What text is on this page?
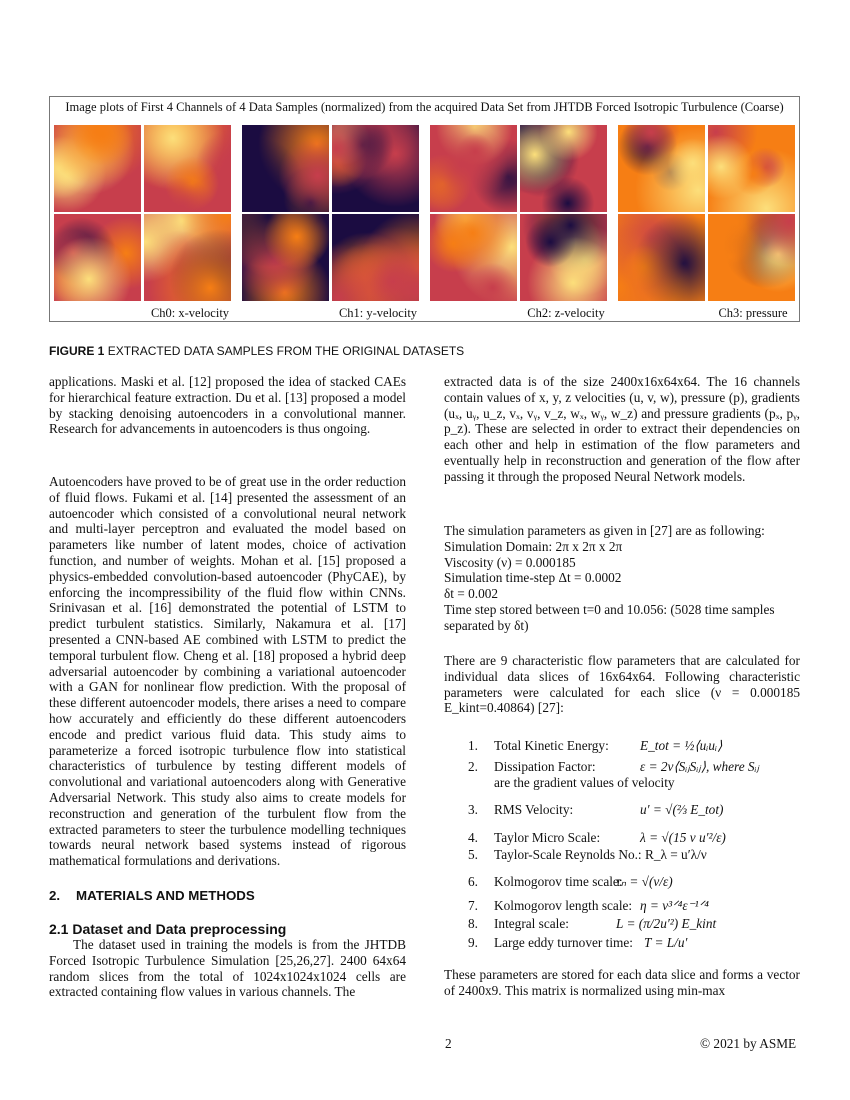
Image plots of First 4 Channels of 4 Data Samples (normalized) from the acquired Data Set from JHTDB Forced Isotropic Turbulence (Coarse)
Ch0: x-velocity	Ch1: y-velocity	Ch2: z-velocity	Ch3: pressure
FIGURE 1 EXTRACTED DATA SAMPLES FROM THE ORIGINAL DATASETS

applications. Maski et al. [12] proposed the idea of stacked CAEs for hierarchical feature extraction. Du et al. [13] proposed a model by stacking denoising autoencoders in a convolutional manner. Research for advancements in autoencoders is thus ongoing.

Autoencoders have proved to be of great use in the order reduction of fluid flows. Fukami et al. [14] presented the assessment of an autoencoder which consisted of a convolutional neural network and multi-layer perceptron and evaluated the model based on parameters like number of latent modes, choice of activation function, and number of weights. Mohan et al. [15] proposed a physics-embedded convolution-based autoencoder (PhyCAE), by enforcing the incompressibility of the fluid flow within CNNs. Srinivasan et al. [16] demonstrated the potential of LSTM to predict turbulent statistics. Similarly, Nakamura et al. [17] presented a CNN-based AE combined with LSTM to predict the temporal turbulent flow. Cheng et al. [18] proposed a hybrid deep adversarial autoencoder by combining a variational autoencoder with a GAN for nonlinear flow prediction. With the proposal of these different autoencoder models, there arises a need to compare how accurately and efficiently do these different autoencoders encode and predict various fluid data. This study aims to parameterize a forced isotropic turbulence flow into statistical characteristics of turbulence by testing different models of convolutional and variational autoencoders along with Generative Adversarial Network. This study also aims to create models for reconstruction and generation of the turbulent flow from the extracted parameters to steer the turbulence modelling techniques towards neural network based systems instead of rigorous mathematical formulations and derivations.

2. MATERIALS AND METHODS
2.1 Dataset and Data preprocessing

The dataset used in training the models is from the JHTDB Forced Isotropic Turbulence Simulation [25,26,27]. 2400 64x64 random slices from the total of 1024x1024x1024 cells are extracted containing flow values in various channels. The

extracted data is of the size 2400x16x64x64. The 16 channels contain values of x, y, z velocities (u, v, w), pressure (p), gradients (uₓ, uᵧ, u_z, vₓ, vᵧ, v_z, wₓ, wᵧ, w_z) and pressure gradients (pₓ, pᵧ, p_z). These are selected in order to extract their dependencies on each other and help in estimation of the flow parameters and eventually help in reconstruction and generation of the flow after passing it through the proposed Neural Network models.

The simulation parameters as given in [27] are as following:

Simulation Domain: 2π x 2π x 2π

Viscosity (ν) = 0.000185

Simulation time-step Δt = 0.0002

δt = 0.002

Time step stored between t=0 and 10.056: (5028 time samples separated by δt)

There are 9 characteristic flow parameters that are calculated for individual data slices of 16x64x64. Following characteristic parameters were calculated for each slice (ν = 0.000185 E_kint=0.40864) [27]:

1. Total Kinetic Energy: E_tot = ½⟨uᵢuᵢ⟩
2. Dissipation Factor:	ε = 2ν⟨SᵢⱼSᵢⱼ⟩, where Sᵢⱼ
are the gradient values of velocity
3. RMS Velocity:	u′ = √(⅔ E_tot)
4. Taylor Micro Scale:	λ = √(15 ν u′²/ε)
5. Taylor-Scale Reynolds No.: R_λ = u′λ/ν
6. Kolmogorov time scale:
τₙ = √(ν/ε)
7. Kolmogorov length scale: η = ν³ᐟ⁴ε⁻¹ᐟ⁴
8. Integral scale:	L = (π/2u′²) E_kint
9. Large eddy turnover time: T = L/u′

These parameters are stored for each data slice and forms a vector of 2400x9. This matrix is normalized using min-max

2	© 2021 by ASME
